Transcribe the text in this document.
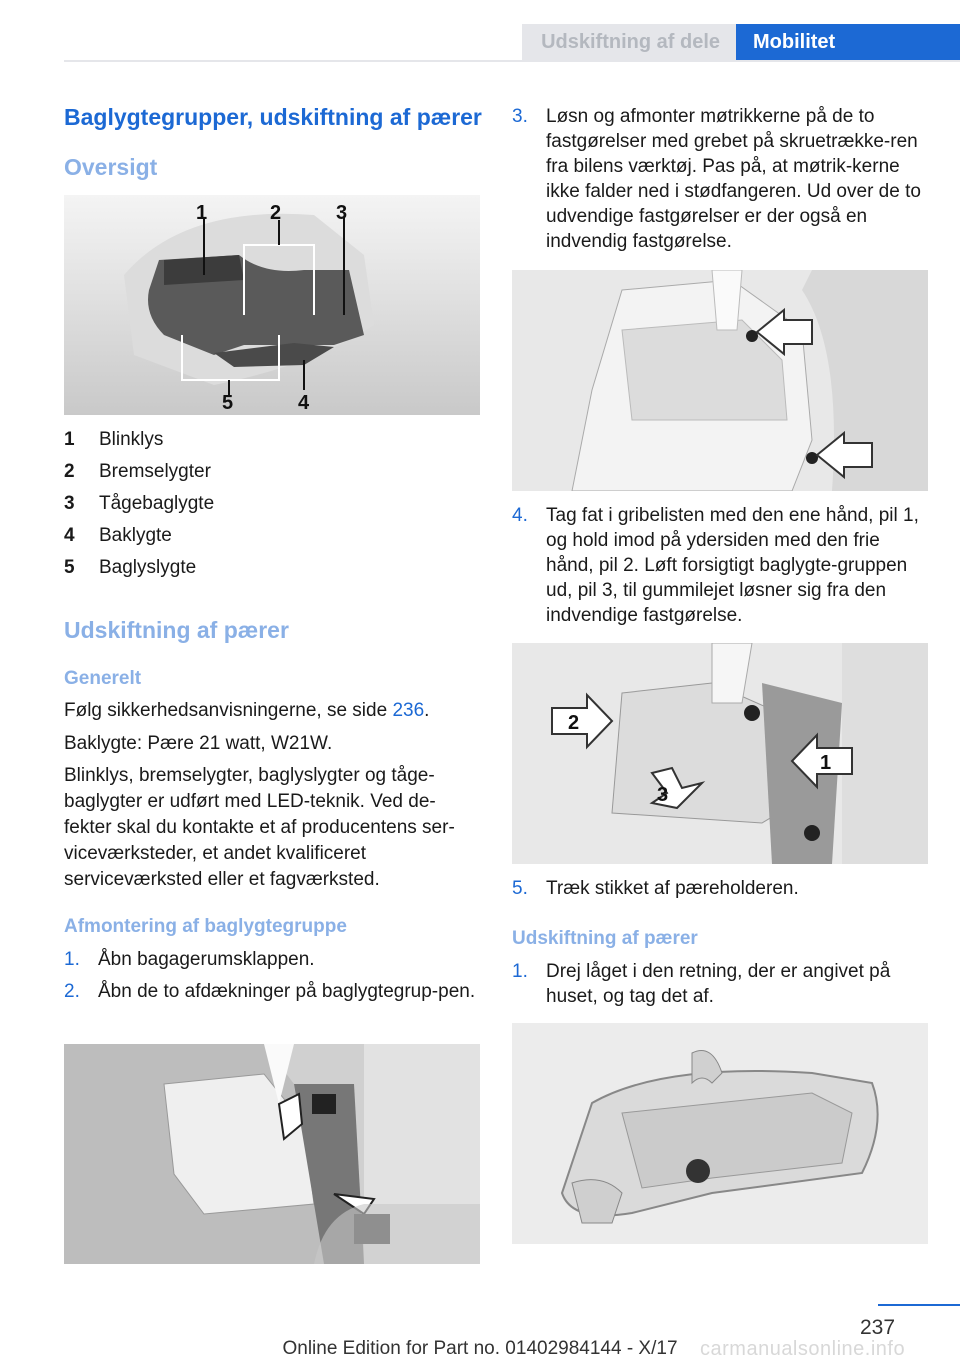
Udskiftning af dele	Mobilitet
Baglygtegrupper, udskiftning af pærer
Oversigt
1	2	3
4
5
1 Blinklys
2 Bremselygter
3 Tågebaglygte
4 Baklygte
5 Baglyslygte
Udskiftning af pærer
Generelt
Følg sikkerhedsanvisningerne, se side 236.
Baklygte: Pære 21 watt, W21W.
Blinklys, bremselygter, baglyslygter og tåge-baglygter er udført med LED-teknik. Ved de-fekter skal du kontakte et af producentens ser-viceværksteder, et andet kvalificeret serviceværksted eller et fagværksted.
Afmontering af baglygtegruppe
1. Åbn bagagerumsklappen.
2. Åbn de to afdækninger på baglygtegrup-pen.
3. Løsn og afmonter møtrikkerne på de to fastgørelser med grebet på skruetrække-ren fra bilens værktøj. Pas på, at møtrik-kerne ikke falder ned i stødfangeren. Ud over de to udvendige fastgørelser er der også en indvendig fastgørelse.
4. Tag fat i gribelisten med den ene hånd, pil 1, og hold imod på ydersiden med den frie hånd, pil 2. Løft forsigtigt baglygte-gruppen ud, pil 3, til gummilejet løsner sig fra den indvendige fastgørelse.
2
1
3
5. Træk stikket af pæreholderen.
Udskiftning af pærer
1. Drej låget i den retning, der er angivet på huset, og tag det af.
237
carmanualsonline.info
Online Edition for Part no. 01402984144 - X/17
